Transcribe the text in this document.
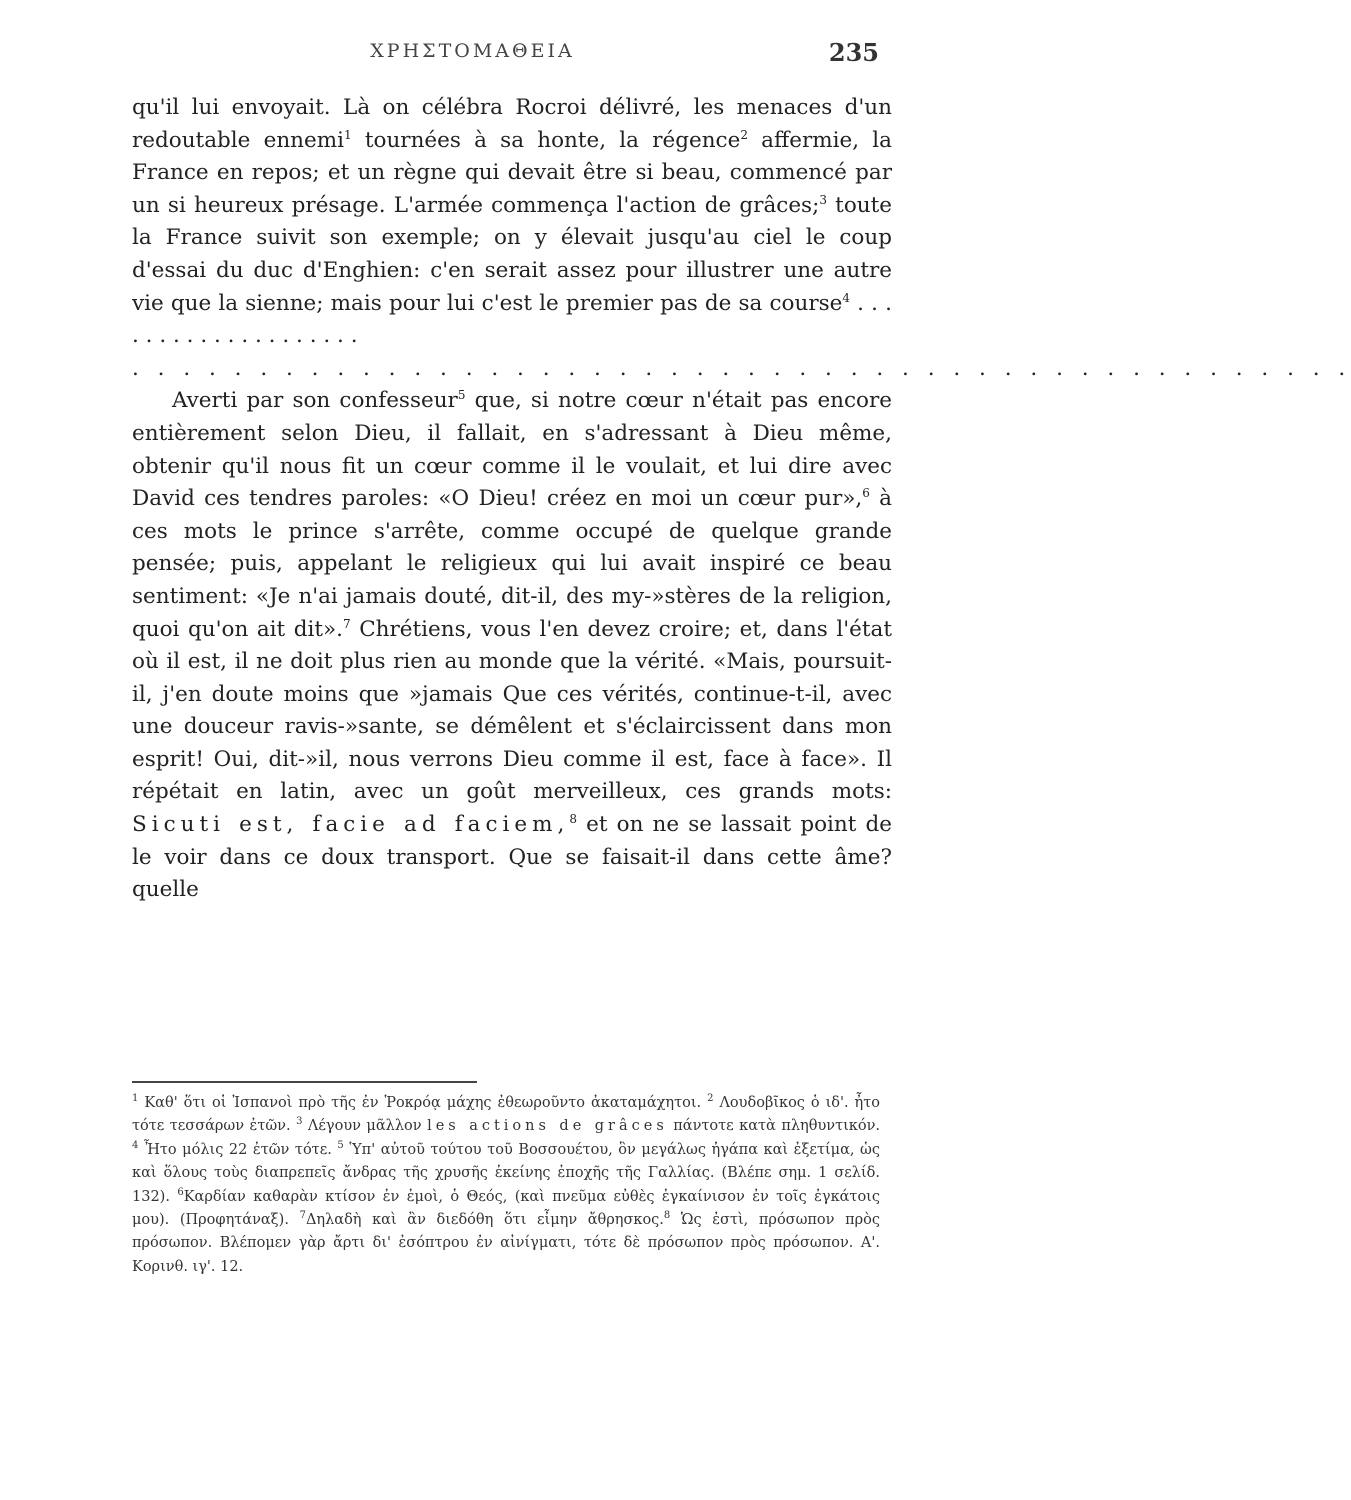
ΧΡΗΣΤΟΜΑΘΕΙΑ	235

qu'il lui envoyait. Là on célébra Rocroi délivré, les menaces d'un redoutable ennemi$^1$ tournées à sa honte, la régence$^2$ affermie, la France en repos; et un règne qui devait être si beau, commencé par un si heureux présage. L'armée commença l'action de grâces;$^3$ toute la France suivit son exemple; on y élevait jusqu'au ciel le coup d'essai du duc d'Enghien: c'en serait assez pour illustrer une autre vie que la sienne; mais pour lui c'est le premier pas de sa course$^4$ . . . . . . . . . . . . . . . . . . . .

. . . . . . . . . . . . . . . . . . . . . . . . . . . . . . . . . . . . . . . . . . . . . . . .

Averti par son confesseur$^5$ que, si notre cœur n'était pas encore entièrement selon Dieu, il fallait, en s'adressant à Dieu même, obtenir qu'il nous fit un cœur comme il le voulait, et lui dire avec David ces tendres paroles: «O Dieu! créez en moi un cœur pur»,$^6$ à ces mots le prince s'arrête, comme occupé de quelque grande pensée; puis, appelant le religieux qui lui avait inspiré ce beau sentiment: «Je n'ai jamais douté, dit-il, des my-»stères de la religion, quoi qu'on ait dit».$^7$ Chrétiens, vous l'en devez croire; et, dans l'état où il est, il ne doit plus rien au monde que la vérité. «Mais, poursuit-il, j'en doute moins que »jamais Que ces vérités, continue-t-il, avec une douceur ravis-»sante, se démêlent et s'éclaircissent dans mon esprit! Oui, dit-»il, nous verrons Dieu comme il est, face à face». Il répétait en latin, avec un goût merveilleux, ces grands mots: Sicuti est, facie ad faciem,$^8$ et on ne se lassait point de le voir dans ce doux transport. Que se faisait-il dans cette âme? quelle

$^1$ Καθ' ὅτι οἱ Ἰσπανοὶ πρὸ τῆς ἐν Ῥοκρόᾳ μάχης ἐθεωροῦντο ἀκαταμάχητοι. $^2$ Λουδοβῖκος ὁ ιδ'. ἦτο τότε τεσσάρων ἐτῶν. $^3$ Λέγουν μᾶλλον les actions de grâces πάντοτε κατὰ πληθυντικόν. $^4$ Ἦτο μόλις 22 ἐτῶν τότε. $^5$ Ὑπ' αὐτοῦ τούτου τοῦ Βοσσουέτου, ὃν μεγάλως ἠγάπα καὶ ἐξετίμα, ὡς καὶ ὅλους τοὺς διαπρεπεῖς ἄνδρας τῆς χρυσῆς ἐκείνης ἐποχῆς τῆς Γαλλίας. (Βλέπε σημ. 1 σελίδ. 132). $^6$Καρδίαν καθαρὰν κτίσον ἐν ἐμοὶ, ὁ Θεός, (καὶ πνεῦμα εὐθὲς ἐγκαίνισον ἐν τοῖς ἐγκάτοις μου). (Προφητάναξ). $^7$Δηλαδὴ καὶ ἂν διεδόθη ὅτι εἶμην ἄθρησκος.$^8$ Ὡς ἐστὶ, πρόσωπον πρὸς πρόσωπον. Βλέπομεν γὰρ ἄρτι δι' ἐσόπτρου ἐν αἰνίγματι, τότε δὲ πρόσωπον πρὸς πρόσωπον. Α'. Κορινθ. ιγ'. 12.
